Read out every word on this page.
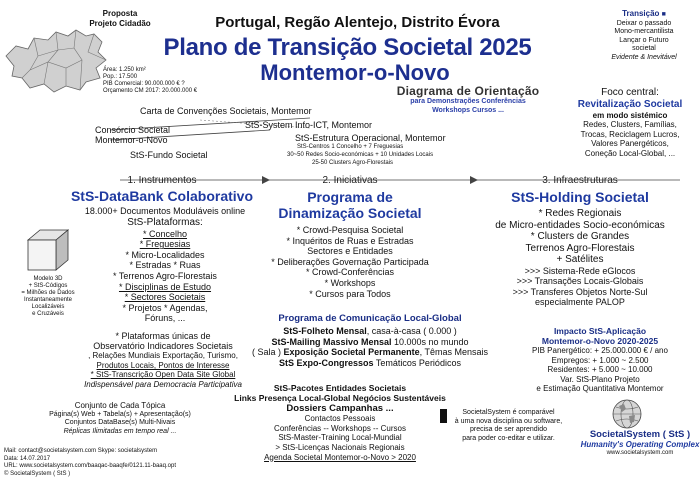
Proposta
Projeto Cidadão
Área: 1.250 km²
Pop.: 17.500
PIB Comercial: 90.000.000 € ?
Orçamento CM 2017: 20.000.000 €
Portugal, Regão Alentejo, Distrito Évora
Plano de Transição Societal 2025
Montemor-o-Novo
Transição ■
Deixar o passado
Mono-mercantilista
Lançar o Futuro
societal
Evidente & Inevitável
Diagrama de Orientação
para Demonstrações Conferências
Workshops Cursos ...
Foco central:
Revitalização Societal
em modo sistémico
Redes, Clusters, Famílias,
Trocas, Reciclagem Lucros,
Valores Panergéticos,
Coneção Local-Global, ...
Carta de Convenções Societais, Montemor
Consórcio Societal
Montemor-o-Novo
StS-System Info-ICT, Montemor
StS-Estrutura Operacional, Montemor
StS-Centros 1 Concelho + 7 Freguesias
30~50 Redes Socio-económicas + 10 Unidades Locais
25-50 Clusters Agro-Florestais
StS-Fundo Societal
1. Instrumentos
StS-DataBank Colaborativo
18.000+ Documentos Moduláveis online
StS-Plataformas:
* Concelho
* Freguesias
* Micro-Localidades
* Estradas * Ruas
* Terrenos Agro-Florestais
* Disciplinas de Estudo
* Sectores Societais
* Projetos * Agendas,
Fóruns, ...
* Plataformas únicas de
Observatório Indicadores Societais
, Relações Mundiais Exportação, Turismo,
Produtos Locais, Pontos de Interesse
* StS-Transcrição Open Data Site Global
Indispensável para Democracia Participativa
Modelo 3D
+ StS-Códigos
= Milhões de Dados
Instantaneamente
Localizáveis
e Cruzáveis
Conjunto de Cada Tópica
Página(s) Web + Tabela(s) + Apresentação(s)
Conjuntos DataBase(s) Multi-Nivais
Réplicas Ilimitadas em tempo real ...
2. Iniciativas
Programa de
Dinamização Societal
* Crowd-Pesquisa Societal
* Inquéritos de Ruas e Estradas
Sectores e Entidades
* Deliberações Governação Participada
* Crowd-Conferências
* Workshops
* Cursos para Todos
3. Infraestruturas
StS-Holding Societal
* Redes Regionais
de Micro-entidades Socio-económicas
* Clusters de Grandes
Terrenos Agro-Florestais
+ Satélites
>>> Sistema-Rede eGlocos
>>> Transações Locais-Globais
>>> Transferes Objetos Norte-Sul
especialmente PALOP
Programa de Comunicação Local-Global
StS-Folheto Mensal, casa-à-casa ( 0.000 )
StS-Mailing Massivo Mensal 10.000s no mundo
( Sala ) Exposição Societal Permanente, Têmas Mensais
StS Expo-Congressos Temáticos Periódicos
StS-Pacotes Entidades Societais
Links Presença Local-Global Negócios Sustentáveis
Dossiers Campanhas ...
Contactos Pessoais
Conferências -- Workshops -- Cursos
StS-Master-Training Local-Mundial
> StS-Licenças Nacionais Regionais
Agenda Societal Montemor-o-Novo > 2020
Impacto StS-Aplicação
Montemor-o-Novo 2020-2025
PIB Panergético: + 25.000.000 € / ano
Empregos: + 1.000 ~ 2.500
Residentes: + 5.000 ~ 10.000
Var. StS-Plano Projeto
e Estimação Quantitativa Montemor
SocietalSystem é comparável
à uma nova disciplina ou software,
precisa de ser aprendido
para poder co-editar e utilizar.	SocietalSystem ( StS )
Humanity's Operating Complex
www.societalsystem.com
Mail: contact@societalsystem.com Skype: societalsystem
Data: 14.07.2017
URL: www.societalsystem.com/baaqac-baaqfe/0121.11-baaq.opt
© SocietalSystem ( StS )
